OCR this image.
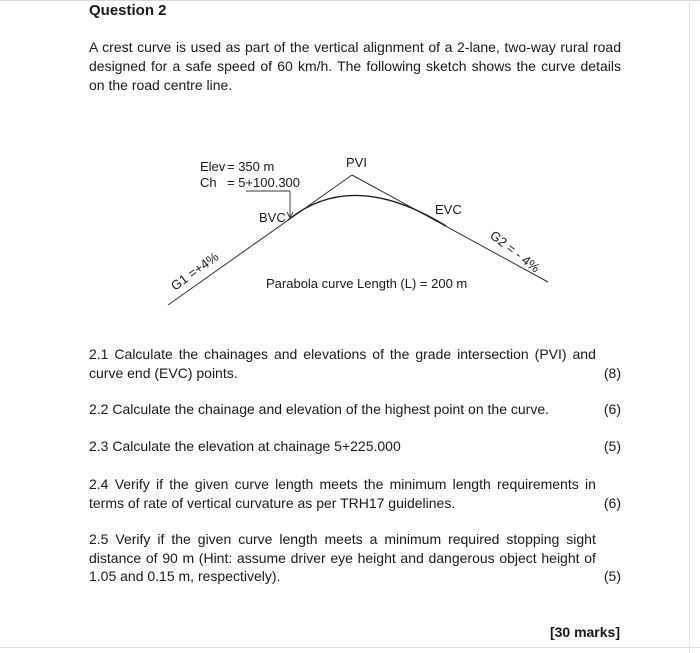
Question 2
A crest curve is used as part of the vertical alignment of a 2-lane, two-way rural road designed for a safe speed of 60 km/h. The following sketch shows the curve details on the road centre line.
Elev = 350 m
Ch = 5+100.300
PVI
BVC
EVC
G1 =+4%	G2 = - 4%
Parabola curve Length (L) = 200 m
(8)
2.1 Calculate the chainages and elevations of the grade intersection (PVI) and curve end (EVC) points.
(6)
2.2 Calculate the chainage and elevation of the highest point on the curve.
(5)
2.3 Calculate the elevation at chainage 5+225.000
(6)
2.4 Verify if the given curve length meets the minimum length requirements in terms of rate of vertical curvature as per TRH17 guidelines.
(5)
2.5 Verify if the given curve length meets a minimum required stopping sight distance of 90 m (Hint: assume driver eye height and dangerous object height of 1.05 and 0.15 m, respectively).
[30 marks]
